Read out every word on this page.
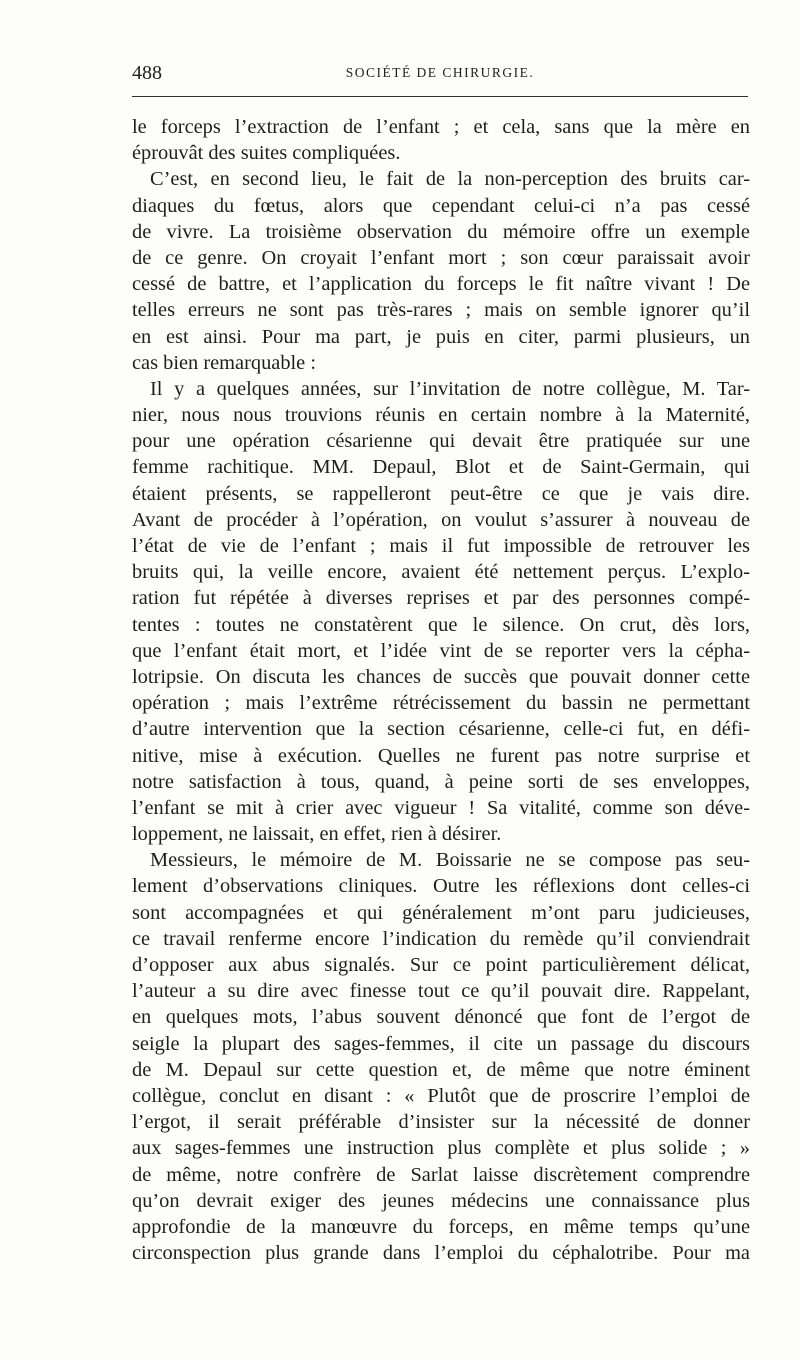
488	SOCIÉTÉ DE CHIRURGIE.
le forceps l’extraction de l’enfant ; et cela, sans que la mère en
éprouvât des suites compliquées.
C’est, en second lieu, le fait de la non-perception des bruits car-
diaques du fœtus, alors que cependant celui-ci n’a pas cessé
de vivre. La troisième observation du mémoire offre un exemple
de ce genre. On croyait l’enfant mort ; son cœur paraissait avoir
cessé de battre, et l’application du forceps le fit naître vivant ! De
telles erreurs ne sont pas très-rares ; mais on semble ignorer qu’il
en est ainsi. Pour ma part, je puis en citer, parmi plusieurs, un
cas bien remarquable :
Il y a quelques années, sur l’invitation de notre collègue, M. Tar-
nier, nous nous trouvions réunis en certain nombre à la Maternité,
pour une opération césarienne qui devait être pratiquée sur une
femme rachitique. MM. Depaul, Blot et de Saint-Germain, qui
étaient présents, se rappelleront peut-être ce que je vais dire.
Avant de procéder à l’opération, on voulut s’assurer à nouveau de
l’état de vie de l’enfant ; mais il fut impossible de retrouver les
bruits qui, la veille encore, avaient été nettement perçus. L’explo-
ration fut répétée à diverses reprises et par des personnes compé-
tentes : toutes ne constatèrent que le silence. On crut, dès lors,
que l’enfant était mort, et l’idée vint de se reporter vers la cépha-
lotripsie. On discuta les chances de succès que pouvait donner cette
opération ; mais l’extrême rétrécissement du bassin ne permettant
d’autre intervention que la section césarienne, celle-ci fut, en défi-
nitive, mise à exécution. Quelles ne furent pas notre surprise et
notre satisfaction à tous, quand, à peine sorti de ses enveloppes,
l’enfant se mit à crier avec vigueur ! Sa vitalité, comme son déve-
loppement, ne laissait, en effet, rien à désirer.
Messieurs, le mémoire de M. Boissarie ne se compose pas seu-
lement d’observations cliniques. Outre les réflexions dont celles-ci
sont accompagnées et qui généralement m’ont paru judicieuses,
ce travail renferme encore l’indication du remède qu’il conviendrait
d’opposer aux abus signalés. Sur ce point particulièrement délicat,
l’auteur a su dire avec finesse tout ce qu’il pouvait dire. Rappelant,
en quelques mots, l’abus souvent dénoncé que font de l’ergot de
seigle la plupart des sages-femmes, il cite un passage du discours
de M. Depaul sur cette question et, de même que notre éminent
collègue, conclut en disant : « Plutôt que de proscrire l’emploi de
l’ergot, il serait préférable d’insister sur la nécessité de donner
aux sages-femmes une instruction plus complète et plus solide ; »
de même, notre confrère de Sarlat laisse discrètement comprendre
qu’on devrait exiger des jeunes médecins une connaissance plus
approfondie de la manœuvre du forceps, en même temps qu’une
circonspection plus grande dans l’emploi du céphalotribe. Pour ma
